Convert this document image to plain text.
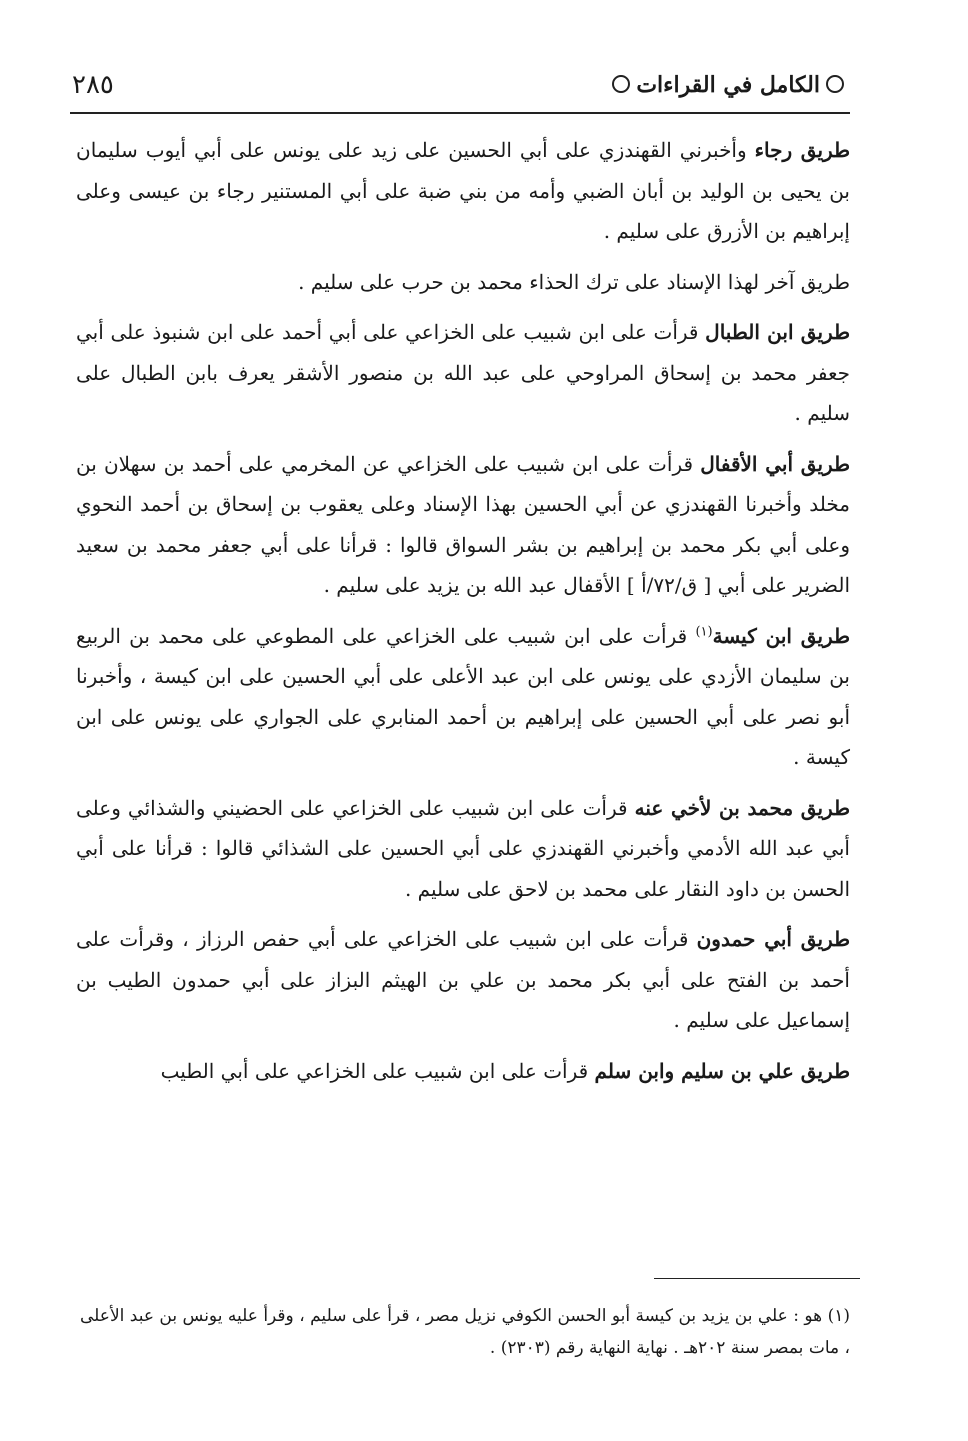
٢٨٥	الكامل في القراءات

طريق رجاء وأخبرني القهندزي على أبي الحسين على زيد على يونس على أبي أيوب سليمان بن يحيى بن الوليد بن أبان الضبي وأمه من بني ضبة على أبي المستنير رجاء بن عيسى وعلى إبراهيم بن الأزرق على سليم .

طريق آخر لهذا الإسناد على ترك الحذاء محمد بن حرب على سليم .

طريق ابن الطبال قرأت على ابن شبيب على الخزاعي على أبي أحمد على ابن شنبوذ على أبي جعفر محمد بن إسحاق المراوحي على عبد الله بن منصور الأشقر يعرف بابن الطبال على سليم .

طريق أبي الأقفال قرأت على ابن شبيب على الخزاعي عن المخرمي على أحمد بن سهلان بن مخلد وأخبرنا القهندزي عن أبي الحسين بهذا الإسناد وعلى يعقوب بن إسحاق بن أحمد النحوي وعلى أبي بكر محمد بن إبراهيم بن بشر السواق قالوا : قرأنا على أبي جعفر محمد بن سعيد الضرير على أبي [ ق/٧٢/أ ] الأقفال عبد الله بن يزيد على سليم .

طريق ابن كيسة$^{(١)}$ قرأت على ابن شبيب على الخزاعي على المطوعي على محمد بن الربيع بن سليمان الأزدي على يونس على ابن عبد الأعلى على أبي الحسين على ابن كيسة ، وأخبرنا أبو نصر على أبي الحسين على إبراهيم بن أحمد المنابري على الجواري على يونس على ابن كيسة .

طريق محمد بن لأخي عنه قرأت على ابن شبيب على الخزاعي على الحضيني والشذائي وعلى أبي عبد الله الأدمي وأخبرني القهندزي على أبي الحسين على الشذائي قالوا : قرأنا على أبي الحسن بن داود النقار على محمد بن لاحق على سليم .

طريق أبي حمدون قرأت على ابن شبيب على الخزاعي على أبي حفص الرزاز ، وقرأت على أحمد بن الفتح على أبي بكر محمد بن علي بن الهيثم البزاز على أبي حمدون الطيب بن إسماعيل على سليم .

طريق علي بن سليم وابن سلم قرأت على ابن شبيب على الخزاعي على أبي الطيب

(١) هو : علي بن يزيد بن كيسة أبو الحسن الكوفي نزيل مصر ، قرأ على سليم ، وقرأ عليه يونس بن عبد الأعلى ، مات بمصر سنة ٢٠٢هـ . نهاية النهاية رقم (٢٣٠٣) .
